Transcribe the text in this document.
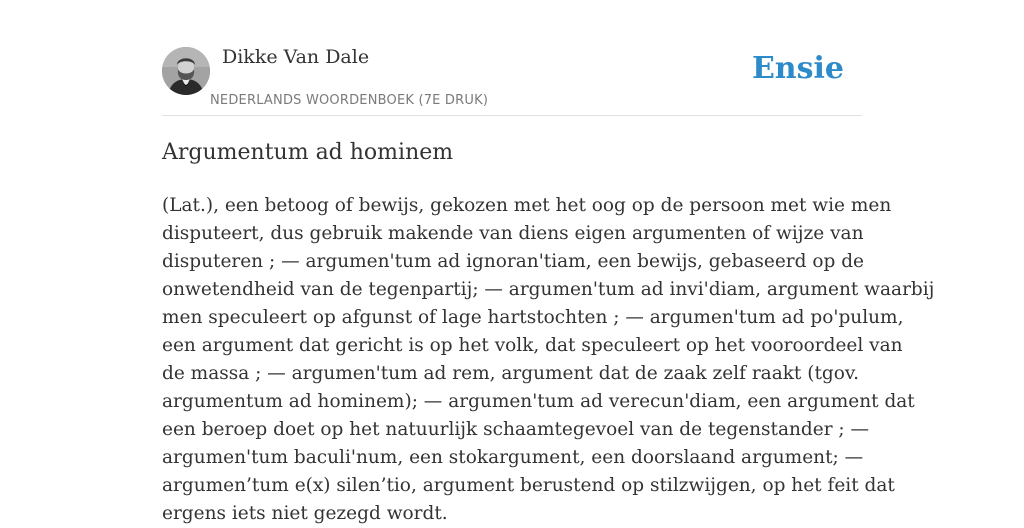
Dikke Van Dale
NEDERLANDS WOORDENBOEK (7E DRUK)
Ensie
Argumentum ad hominem
(Lat.), een betoog of bewijs, gekozen met het oog op de persoon met wie men
disputeert, dus gebruik makende van diens eigen argumenten of wijze van
disputeren ; — argumen'tum ad ignoran'tiam, een bewijs, gebaseerd op de
onwetendheid van de tegenpartij; — argumen'tum ad invi'diam, argument waarbij
men speculeert op afgunst of lage hartstochten ; — argumen'tum ad po'pulum,
een argument dat gericht is op het volk, dat speculeert op het vooroordeel van
de massa ; — argumen'tum ad rem, argument dat de zaak zelf raakt (tgov.
argumentum ad hominem); — argumen'tum ad verecun'diam, een argument dat
een beroep doet op het natuurlijk schaamtegevoel van de tegenstander ; —
argumen'tum baculi'num, een stokargument, een doorslaand argument; —
argumen’tum e(x) silen’tio, argument berustend op stilzwijgen, op het feit dat
ergens iets niet gezegd wordt.
